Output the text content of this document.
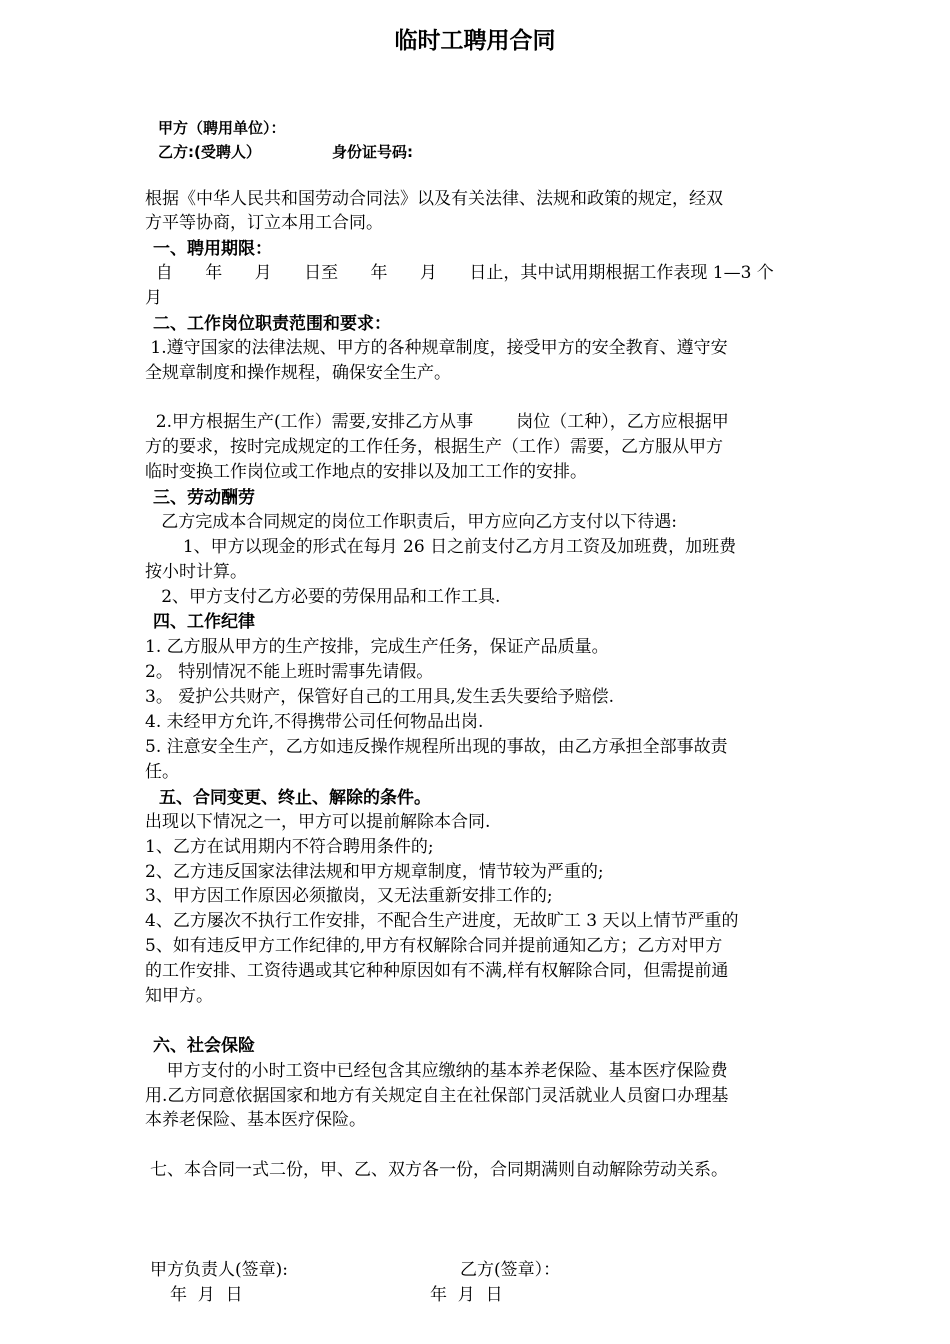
临时工聘用合同
甲方（聘用单位）：
乙方:(受聘人）	身份证号码:
根据《中华人民共和国劳动合同法》以及有关法律、法规和政策的规定，经双
方平等协商，订立本用工合同。
一、聘用期限：
自      年      月      日至      年      月      日止，其中试用期根据工作表现 1—3 个
月
二、工作岗位职责范围和要求：
1.遵守国家的法律法规、甲方的各种规章制度，接受甲方的安全教育、遵守安
全规章制度和操作规程，确保安全生产。
2.甲方根据生产(工作）需要,安排乙方从事        岗位（工种），乙方应根据甲
方的要求，按时完成规定的工作任务，根据生产（工作）需要，乙方服从甲方
临时变换工作岗位或工作地点的安排以及加工工作的安排。
三、劳动酬劳
乙方完成本合同规定的岗位工作职责后，甲方应向乙方支付以下待遇:
1、甲方以现金的形式在每月 26 日之前支付乙方月工资及加班费，加班费
按小时计算。
2、甲方支付乙方必要的劳保用品和工作工具.
四、工作纪律
1. 乙方服从甲方的生产按排，完成生产任务，保证产品质量。
2。 特别情况不能上班时需事先请假。
3。 爱护公共财产，保管好自己的工用具,发生丢失要给予赔偿.
4. 未经甲方允许,不得携带公司任何物品出岗.
5. 注意安全生产，乙方如违反操作规程所出现的事故，由乙方承担全部事故责
任。
五、合同变更、终止、解除的条件。
出现以下情况之一，甲方可以提前解除本合同.
1、乙方在试用期内不符合聘用条件的;
2、乙方违反国家法律法规和甲方规章制度，情节较为严重的;
3、甲方因工作原因必须撤岗，又无法重新安排工作的;
4、乙方屡次不执行工作安排，不配合生产进度，无故旷工 3 天以上情节严重的
5、如有违反甲方工作纪律的,甲方有权解除合同并提前通知乙方；乙方对甲方
的工作安排、工资待遇或其它种种原因如有不满,样有权解除合同，但需提前通
知甲方。
六、社会保险
甲方支付的小时工资中已经包含其应缴纳的基本养老保险、基本医疗保险费
用.乙方同意依据国家和地方有关规定自主在社保部门灵活就业人员窗口办理基
本养老保险、基本医疗保险。
七、本合同一式二份，甲、乙、双方各一份，合同期满则自动解除劳动关系。
甲方负责人(签章):	乙方(签章）：
年  月  日	年  月  日
